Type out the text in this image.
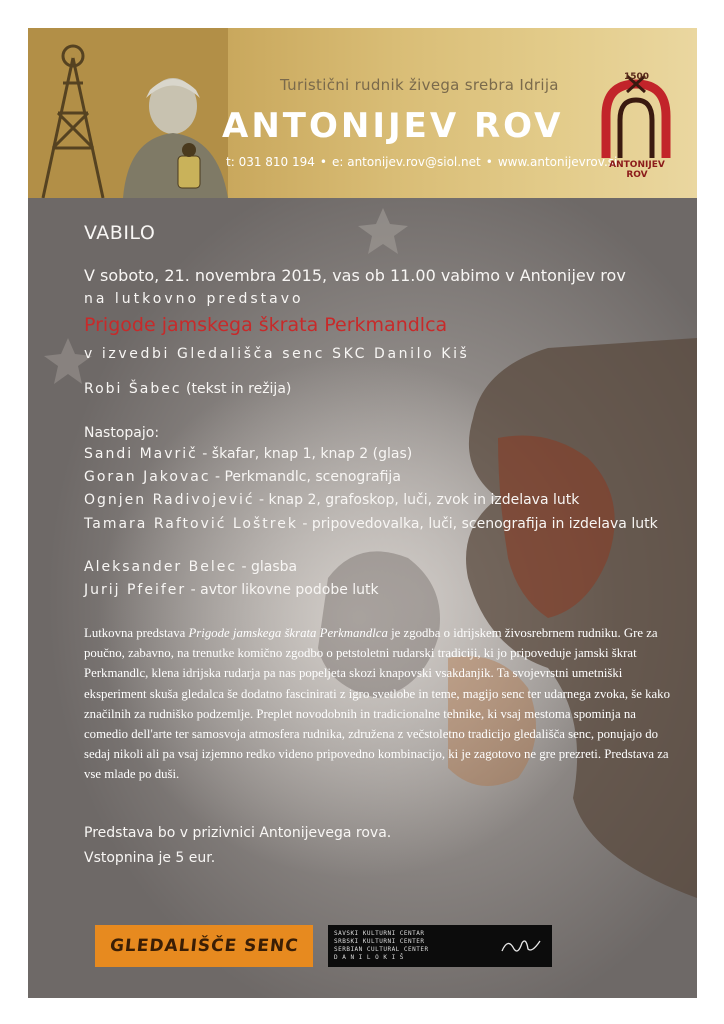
Turistični rudnik živega srebra Idrija
ANTONIJEV ROV
t: 031 810 194 • e: antonijev.rov@siol.net • www.antonijevrov.si
1500
ANTONIJEV ROV
VABILO
V soboto, 21. novembra 2015, vas ob 11.00 vabimo v Antonijev rov
na lutkovno predstavo
Prigode jamskega škrata Perkmandlca
v izvedbi Gledališča senc SKC Danilo Kiš
Robi Šabec (tekst in režija)
Nastopajo:
Sandi Mavrič - škafar, knap 1, knap 2 (glas)
Goran Jakovac - Perkmandlc, scenografija
Ognjen Radivojević - knap 2, grafoskop, luči, zvok in izdelava lutk
Tamara Raftović Loštrek - pripovedovalka, luči, scenografija in izdelava lutk
Aleksander Belec - glasba
Jurij Pfeifer - avtor likovne podobe lutk
Lutkovna predstava Prigode jamskega škrata Perkmandlca je zgodba o idrijskem živosrebrnem rudniku. Gre za poučno, zabavno, na trenutke komično zgodbo o petstoletni rudarski tradiciji, ki jo pripoveduje jamski škrat Perkmandlc, klena idrijska rudarja pa nas popeljeta skozi knapovski vsakdanjik. Ta svojevrstni umetniški eksperiment skuša gledalca še dodatno fascinirati z igro svetlobe in teme, magijo senc ter udarnega zvoka, še kako značilnih za rudniško podzemlje. Preplet novodobnih in tradicionalne tehnike, ki vsaj mestoma spominja na comedio dell'arte ter samosvoja atmosfera rudnika, združena z večstoletno tradicijo gledališča senc, ponujajo do sedaj nikoli ali pa vsaj izjemno redko videno pripovedno kombinacijo, ki je zagotovo ne gre prezreti. Predstava za vse mlade po duši.
Predstava bo v prizivnici Antonijevega rova.
Vstopnina je 5 eur.
GLEDALIŠČE SENC
SAVSKI KULTURNI CENTAR
SRBSKI KULTURNI CENTER
SERBIAN CULTURAL CENTER
D A N I L O K I Š
